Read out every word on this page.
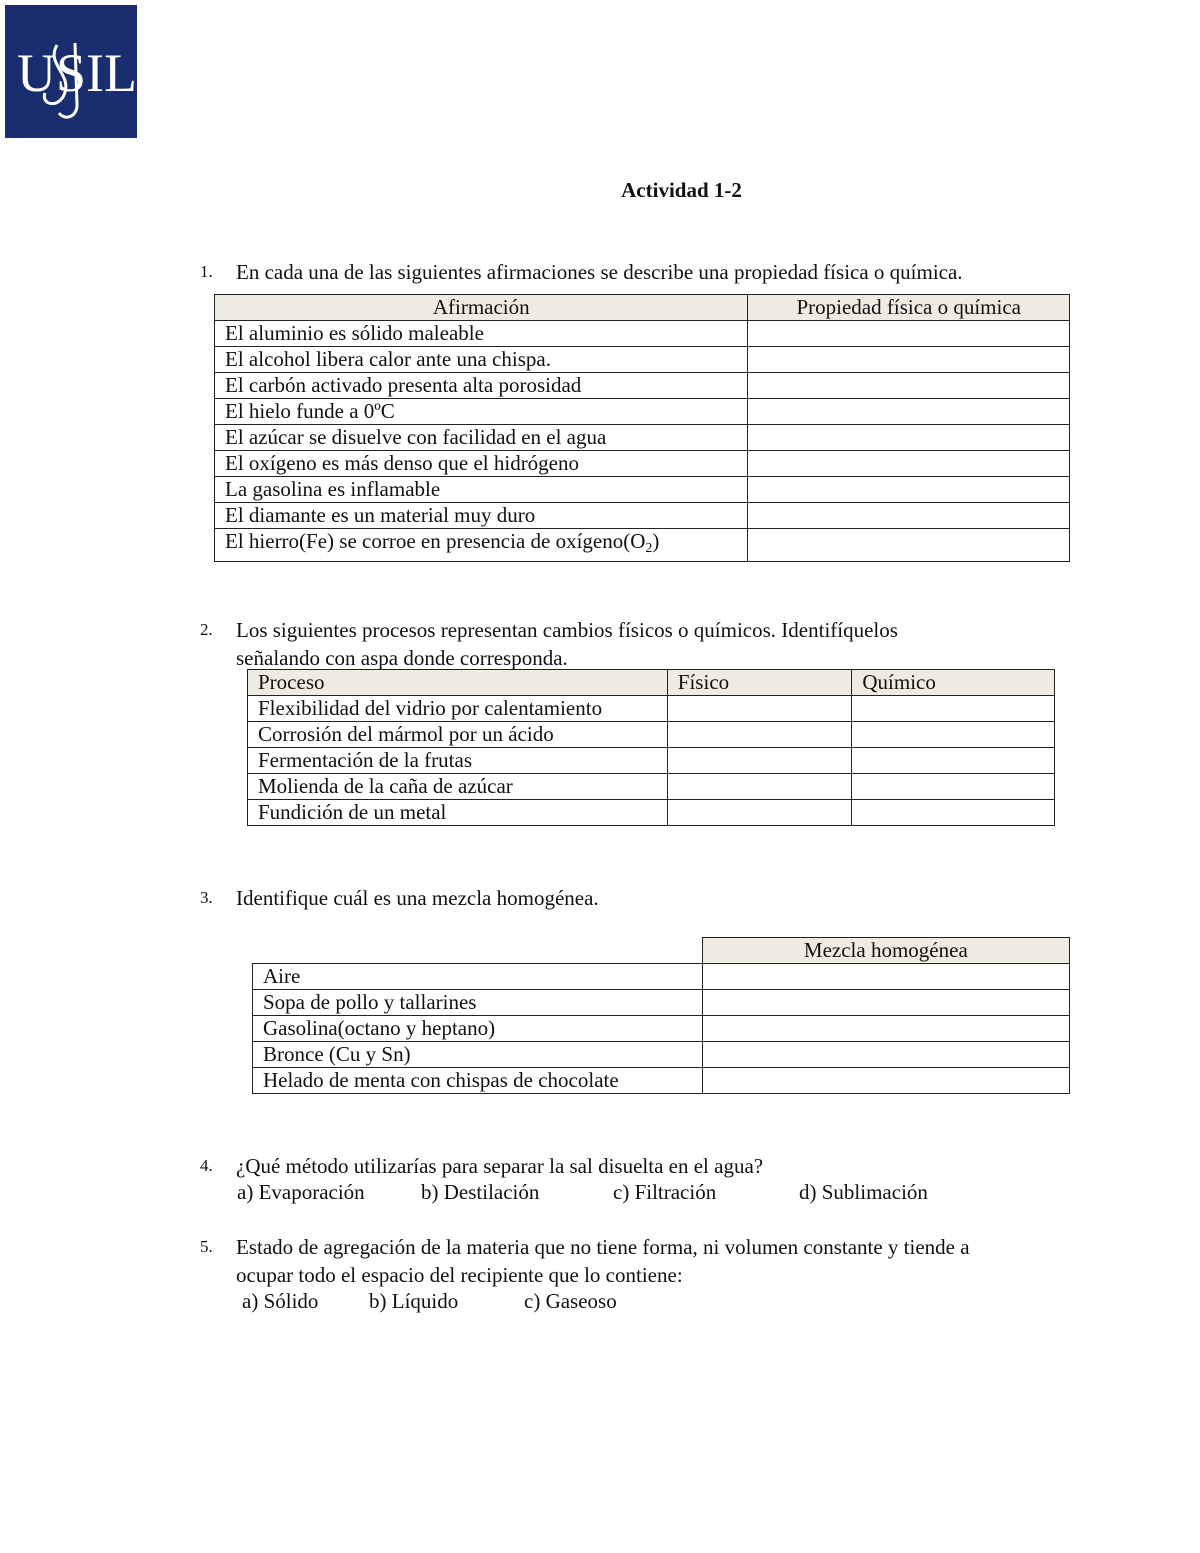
USIL
Actividad 1-2
1. En cada una de las siguientes afirmaciones se describe una propiedad física o química.
Afirmación	Propiedad física o química
El aluminio es sólido maleable	
El alcohol libera calor ante una chispa.	
El carbón activado presenta alta porosidad	
El hielo funde a 0ºC	
El azúcar se disuelve con facilidad en el agua	
El oxígeno es más denso que el hidrógeno	
La gasolina es inflamable	
El diamante es un material muy duro	
El hierro(Fe) se corroe en presencia de $oxígeno(O_2)$	
2. Los siguientes procesos representan cambios físicos o químicos. Identifíquelos
señalando con aspa donde corresponda.
Proceso	Físico	Químico
Flexibilidad del vidrio por calentamiento		
Corrosión del mármol por un ácido		
Fermentación de la frutas		
Molienda de la caña de azúcar		
Fundición de un metal		
3. Identifique cuál es una mezcla homogénea.
	Mezcla homogénea
Aire	
Sopa de pollo y tallarines	
Gasolina(octano y heptano)	
Bronce (Cu y Sn)	
Helado de menta con chispas de chocolate	
4. ¿Qué método utilizarías para separar la sal disuelta en el agua?
a) Evaporación	b) Destilación	c) Filtración	d) Sublimación
5. Estado de agregación de la materia que no tiene forma, ni volumen constante y tiende a
ocupar todo el espacio del recipiente que lo contiene:
a) Sólido b) Líquido	c) Gaseoso
